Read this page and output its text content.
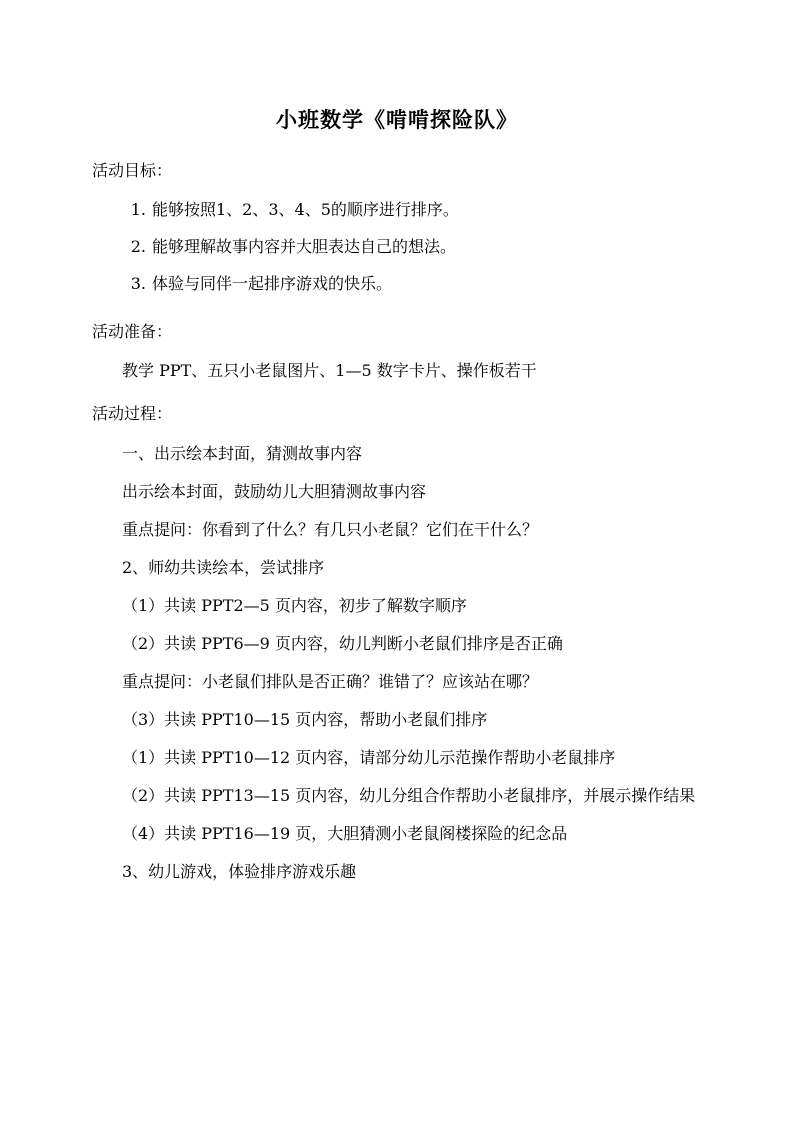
小班数学《啃啃探险队》
活动目标：
1. 能够按照1、2、3、4、5的顺序进行排序。
2. 能够理解故事内容并大胆表达自己的想法。
3. 体验与同伴一起排序游戏的快乐。
活动准备：

教学 PPT、五只小老鼠图片、1—5 数字卡片、操作板若干

活动过程：

一、出示绘本封面，猜测故事内容

出示绘本封面，鼓励幼儿大胆猜测故事内容

重点提问：你看到了什么？有几只小老鼠？它们在干什么？

2、师幼共读绘本，尝试排序

（1）共读 PPT2—5 页内容，初步了解数字顺序

（2）共读 PPT6—9 页内容，幼儿判断小老鼠们排序是否正确

重点提问：小老鼠们排队是否正确？谁错了？应该站在哪？

（3）共读 PPT10—15 页内容，帮助小老鼠们排序

（1）共读 PPT10—12 页内容，请部分幼儿示范操作帮助小老鼠排序

（2）共读 PPT13—15 页内容，幼儿分组合作帮助小老鼠排序，并展示操作结果

（4）共读 PPT16—19 页，大胆猜测小老鼠阁楼探险的纪念品

3、幼儿游戏，体验排序游戏乐趣
